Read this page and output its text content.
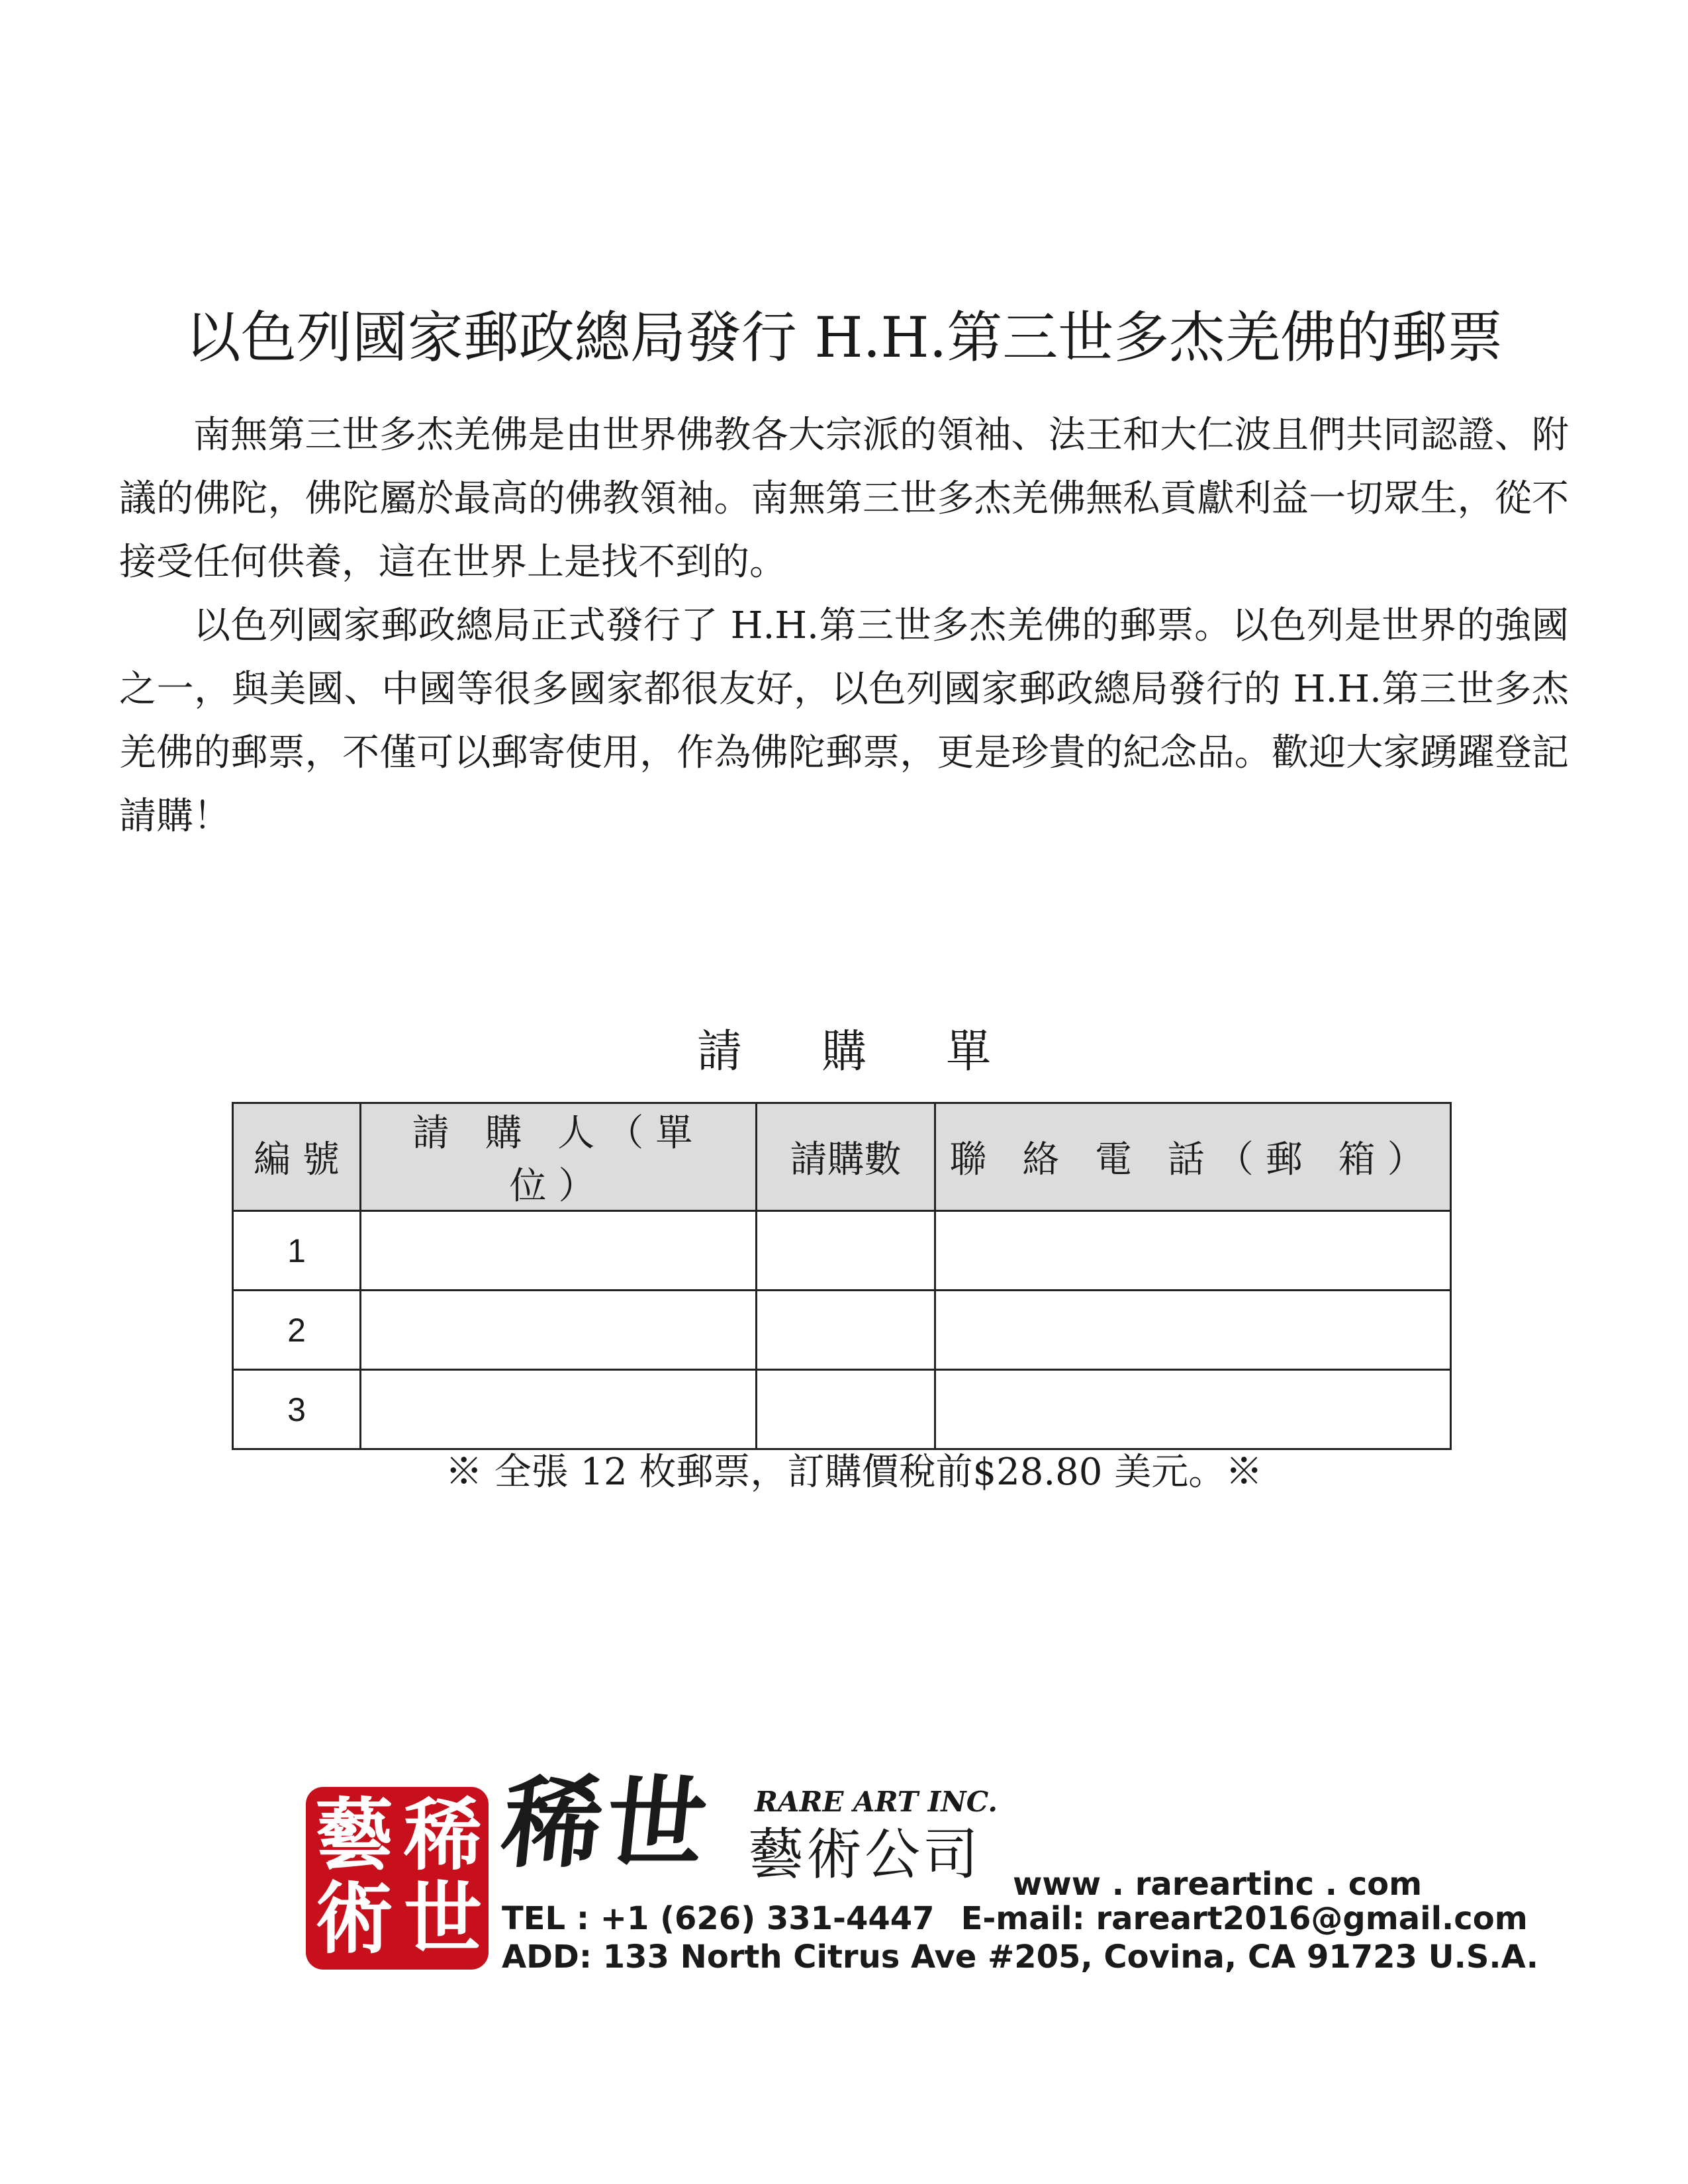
以色列國家郵政總局發行 H.H.第三世多杰羌佛的郵票

南無第三世多杰羌佛是由世界佛教各大宗派的領袖、法王和大仁波且們共同認證、附議的佛陀，佛陀屬於最高的佛教領袖。南無第三世多杰羌佛無私貢獻利益一切眾生，從不接受任何供養，這在世界上是找不到的。

以色列國家郵政總局正式發行了 H.H.第三世多杰羌佛的郵票。以色列是世界的強國之一，與美國、中國等很多國家都很友好，以色列國家郵政總局發行的 H.H.第三世多杰羌佛的郵票，不僅可以郵寄使用，作為佛陀郵票，更是珍貴的紀念品。歡迎大家踴躍登記請購！

請購單
編 號	請 購 人（單 位）	請購數	聯 絡 電 話（郵 箱）
1			
2			
3			
※ 全張 12 枚郵票，訂購價稅前$28.80 美元。※
稀
世
藝
術
稀世 RARE ART INC.
藝術公司 www . rareartinc . com
TEL : +1 (626) 331-4447 E-mail: rareart2016@gmail.com
ADD: 133 North Citrus Ave #205, Covina, CA 91723 U.S.A.
